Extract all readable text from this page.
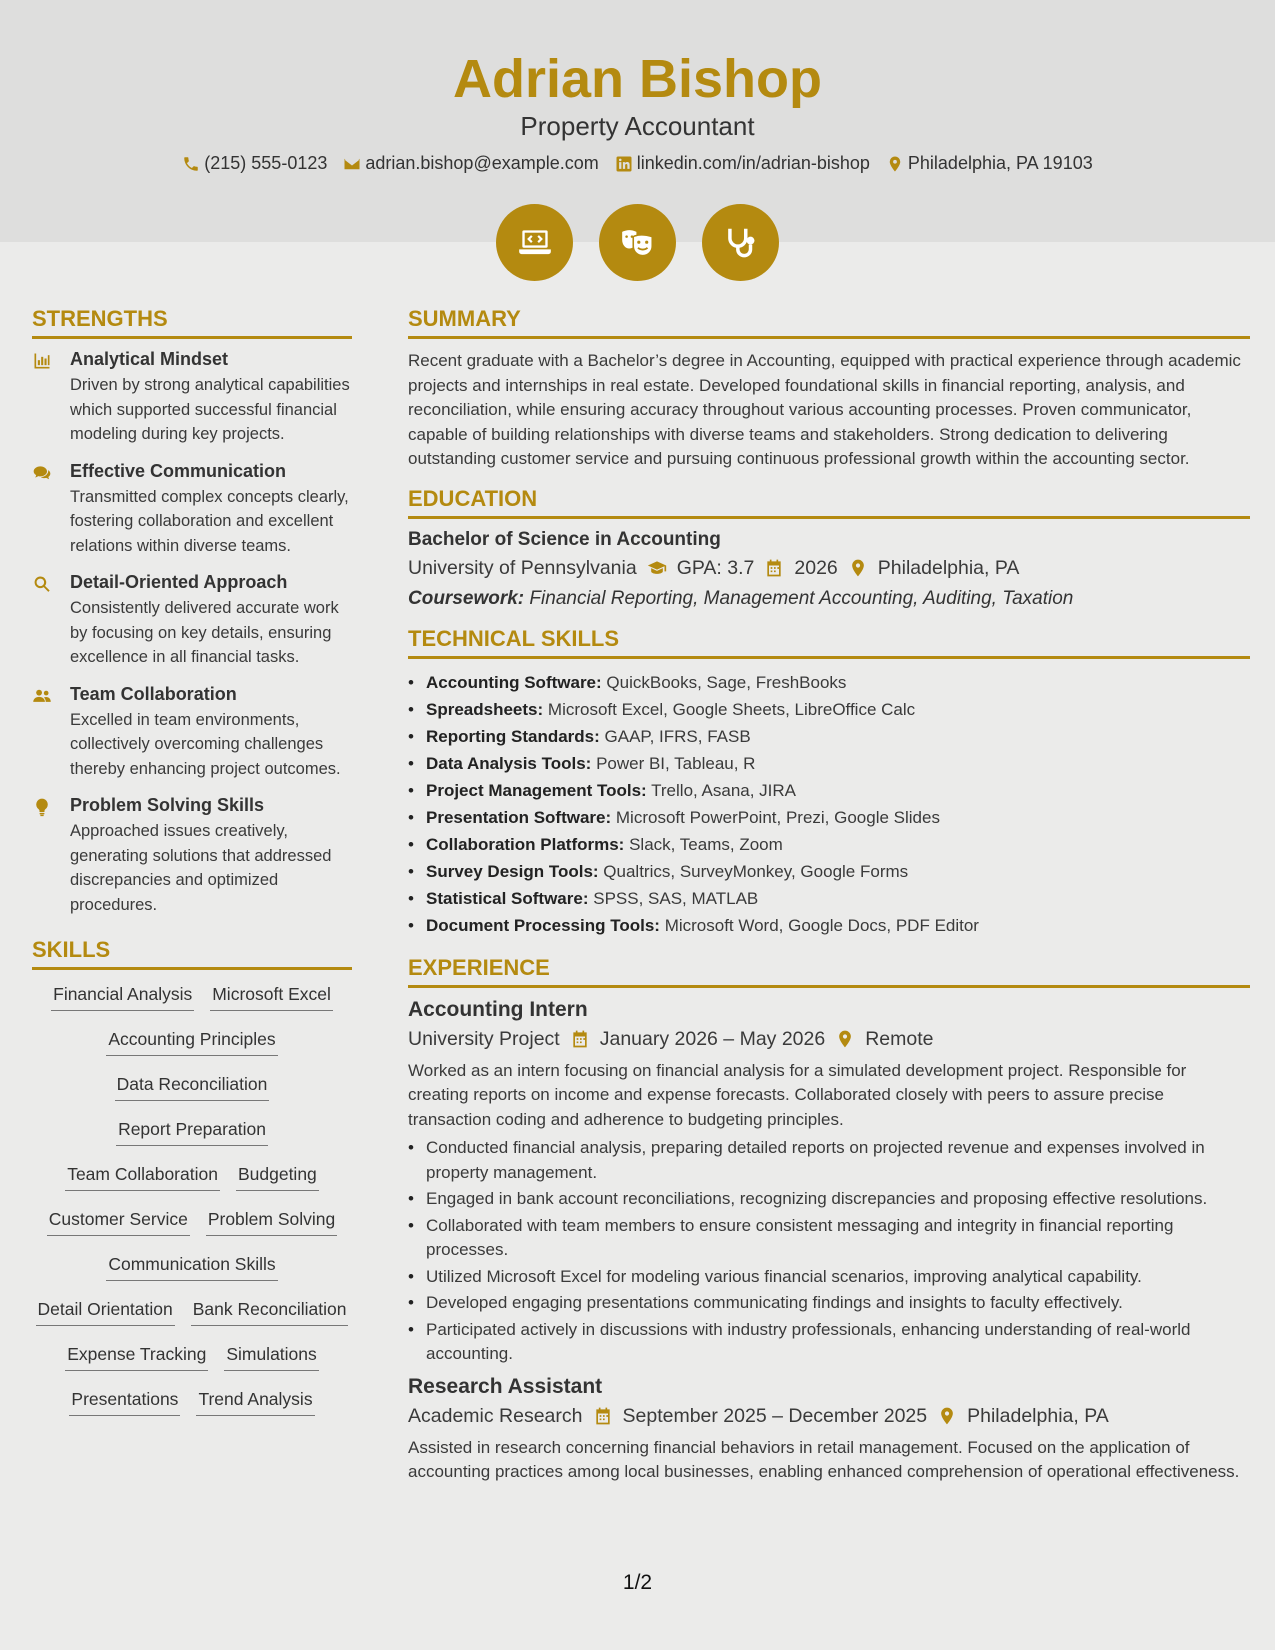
Adrian Bishop
Property Accountant
(215) 555-0123 adrian.bishop@example.com linkedin.com/in/adrian-bishop Philadelphia, PA 19103
STRENGTHS
Analytical Mindset
Driven by strong analytical capabilities which supported successful financial modeling during key projects.
Effective Communication
Transmitted complex concepts clearly, fostering collaboration and excellent relations within diverse teams.
Detail-Oriented Approach
Consistently delivered accurate work by focusing on key details, ensuring excellence in all financial tasks.
Team Collaboration
Excelled in team environments, collectively overcoming challenges thereby enhancing project outcomes.
Problem Solving Skills
Approached issues creatively, generating solutions that addressed discrepancies and optimized procedures.
SKILLS
Financial Analysis Microsoft Excel
Accounting Principles
Data Reconciliation
Report Preparation
Team Collaboration Budgeting
Customer Service Problem Solving
Communication Skills
Detail Orientation Bank Reconciliation
Expense Tracking Simulations
Presentations Trend Analysis
SUMMARY

Recent graduate with a Bachelor’s degree in Accounting, equipped with practical experience through academic projects and internships in real estate. Developed foundational skills in financial reporting, analysis, and reconciliation, while ensuring accuracy throughout various accounting processes. Proven communicator, capable of building relationships with diverse teams and stakeholders. Strong dedication to delivering outstanding customer service and pursuing continuous professional growth within the accounting sector.

EDUCATION
Bachelor of Science in Accounting
University of Pennsylvania GPA: 3.7 2026 Philadelphia, PA
Coursework: Financial Reporting, Management Accounting, Auditing, Taxation
TECHNICAL SKILLS
• Accounting Software: QuickBooks, Sage, FreshBooks
• Spreadsheets: Microsoft Excel, Google Sheets, LibreOffice Calc
• Reporting Standards: GAAP, IFRS, FASB
• Data Analysis Tools: Power BI, Tableau, R
• Project Management Tools: Trello, Asana, JIRA
• Presentation Software: Microsoft PowerPoint, Prezi, Google Slides
• Collaboration Platforms: Slack, Teams, Zoom
• Survey Design Tools: Qualtrics, SurveyMonkey, Google Forms
• Statistical Software: SPSS, SAS, MATLAB
• Document Processing Tools: Microsoft Word, Google Docs, PDF Editor
EXPERIENCE
Accounting Intern
University Project January 2026 – May 2026 Remote

Worked as an intern focusing on financial analysis for a simulated development project. Responsible for creating reports on income and expense forecasts. Collaborated closely with peers to assure precise transaction coding and adherence to budgeting principles.

• Conducted financial analysis, preparing detailed reports on projected revenue and expenses involved in property management.
• Engaged in bank account reconciliations, recognizing discrepancies and proposing effective resolutions.
• Collaborated with team members to ensure consistent messaging and integrity in financial reporting processes.
• Utilized Microsoft Excel for modeling various financial scenarios, improving analytical capability.
• Developed engaging presentations communicating findings and insights to faculty effectively.
• Participated actively in discussions with industry professionals, enhancing understanding of real-world accounting.
Research Assistant
Academic Research September 2025 – December 2025 Philadelphia, PA

Assisted in research concerning financial behaviors in retail management. Focused on the application of accounting practices among local businesses, enabling enhanced comprehension of operational effectiveness.

1/2
